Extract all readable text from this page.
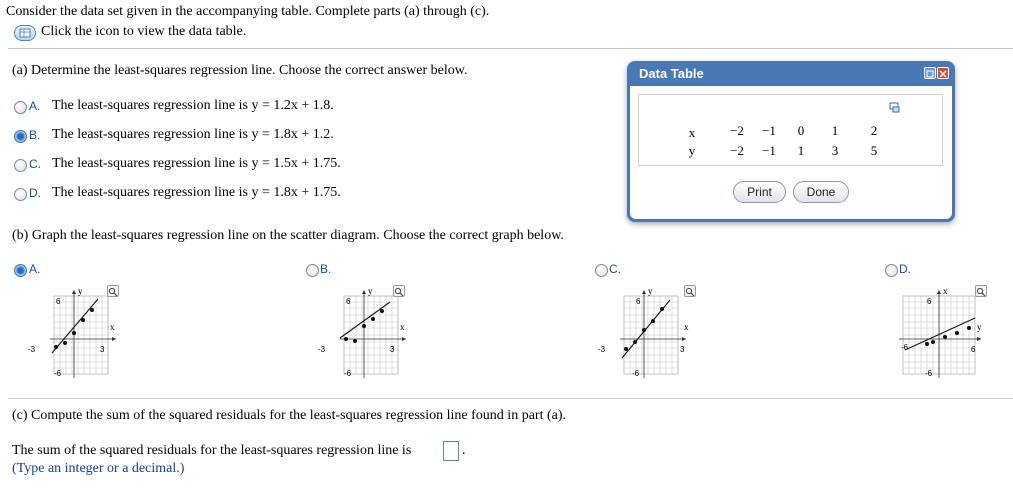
Consider the data set given in the accompanying table. Complete parts (a) through (c).
Click the icon to view the data table.
(a) Determine the least-squares regression line. Choose the correct answer below.
A. The least-squares regression line is y = 1.2x + 1.8.
B. The least-squares regression line is y = 1.8x + 1.2.
C. The least-squares regression line is y = 1.5x + 1.75.
D. The least-squares regression line is y = 1.8x + 1.75.
(b) Graph the least-squares regression line on the scatter diagram. Choose the correct graph below.
A.
y
x
6
-6
-3	3
B.
y
x
6
-6
-3	3
C.
y
x
6
-6
-3	3
D.
x
y
6
-6
-6	6
(c) Compute the sum of the squared residuals for the least-squares regression line found in part (a).
The sum of the squared residuals for the least-squares regression line is	.
(Type an integer or a decimal.)
Data Table
x	−2	−1	0	1	2
y	−2	−1	1	3	5
Print	Done
